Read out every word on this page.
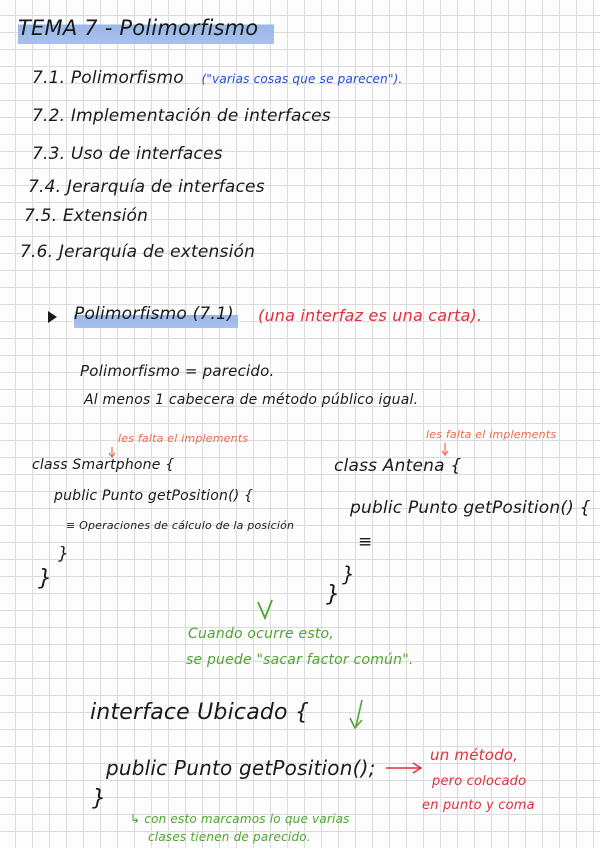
TEMA 7 - Polimorfismo
7.1. Polimorfismo ("varias cosas que se parecen").
7.2. Implementación de interfaces
7.3. Uso de interfaces
7.4. Jerarquía de interfaces
7.5. Extensión
7.6. Jerarquía de extensión
Polimorfismo (7.1) (una interfaz es una carta).
Polimorfismo = parecido.
Al menos 1 cabecera de método público igual.
les falta el implements
class Smartphone {
public Punto getPosition() {
≡ Operaciones de cálculo de la posición
}
}
les falta el implements
class Antena {
public Punto getPosition() {
≡
}
}
Cuando ocurre esto,
se puede "sacar factor común".
interface Ubicado {
public Punto getPosition();
}
un método,
pero colocado
en punto y coma
↳ con esto marcamos lo que varias
clases tienen de parecido.
